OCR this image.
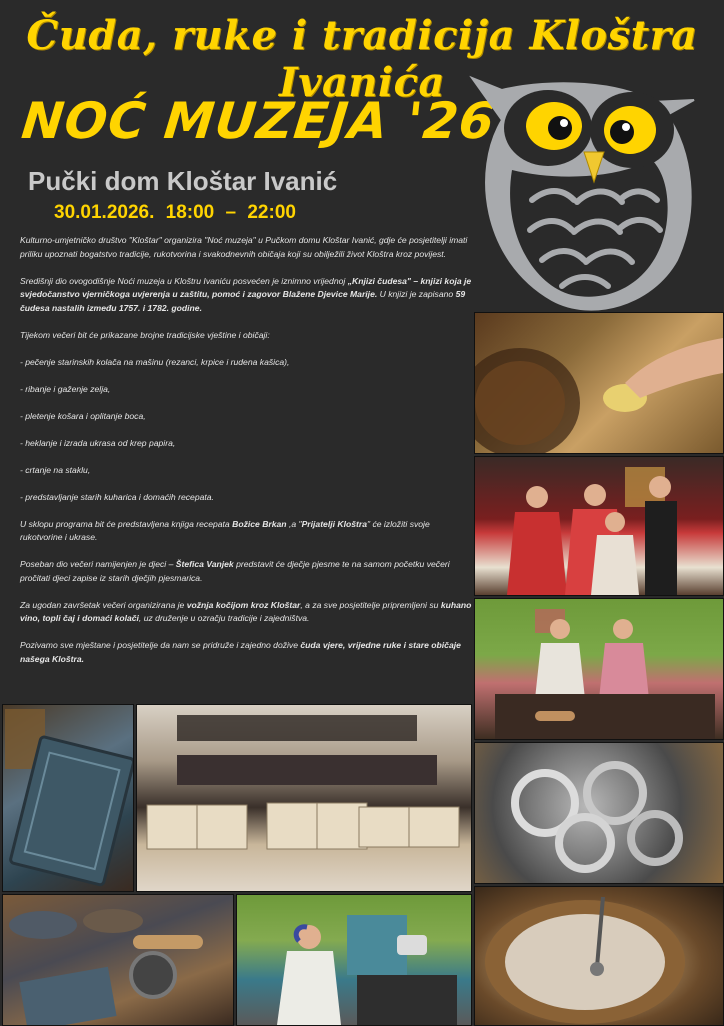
Čuda, ruke i tradicija Kloštra Ivanića
NOĆ MUZEJA '26
Pučki dom Kloštar Ivanić
30.01.2026. 18:00 – 22:00

Kulturno-umjetničko društvo "Kloštar" organizira "Noć muzeja" u Pučkom domu Kloštar Ivanić, gdje će posjetitelji imati priliku upoznati bogatstvo tradicije, rukotvorina i svakodnevnih običaja koji su obilježili život Kloštra kroz povijest.

Središnji dio ovogodišnje Noći muzeja u Kloštru Ivaniću posvećen je iznimno vrijednoj „Knjizi čudesa" – knjizi koja je svjedočanstvo vjerničkoga uvjerenja u zaštitu, pomoć i zagovor Blažene Djevice Marije. U knjizi je zapisano 59 čudesa nastalih između 1757. i 1782. godine.

Tijekom večeri bit će prikazane brojne tradicijske vještine i običaji:

- pečenje starinskih kolača na mašinu (rezanci, krpice i rudena kašica),

- ribanje i gaženje zelja,

- pletenje košara i oplitanje boca,

- heklanje i izrada ukrasa od krep papira,

- crtanje na staklu,

- predstavljanje starih kuharica i domaćih recepata.

U sklopu programa bit će predstavljena knjiga recepata Božice Brkan ,a "Prijatelji Kloštra" će izložiti svoje rukotvorine i ukrase.

Poseban dio večeri namijenjen je djeci – Štefica Vanjek predstavit će dječje pjesme te na samom početku večeri pročitati djeci zapise iz starih dječjih pjesmarica.

Za ugodan završetak večeri organizirana je vožnja kočijom kroz Kloštar, a za sve posjetitelje pripremljeni su kuhano vino, topli čaj i domaći kolači, uz druženje u ozračju tradicije i zajedništva.

Pozivamo sve mještane i posjetitelje da nam se pridruže i zajedno dožive čuda vjere, vrijedne ruke i stare običaje našega Kloštra.
